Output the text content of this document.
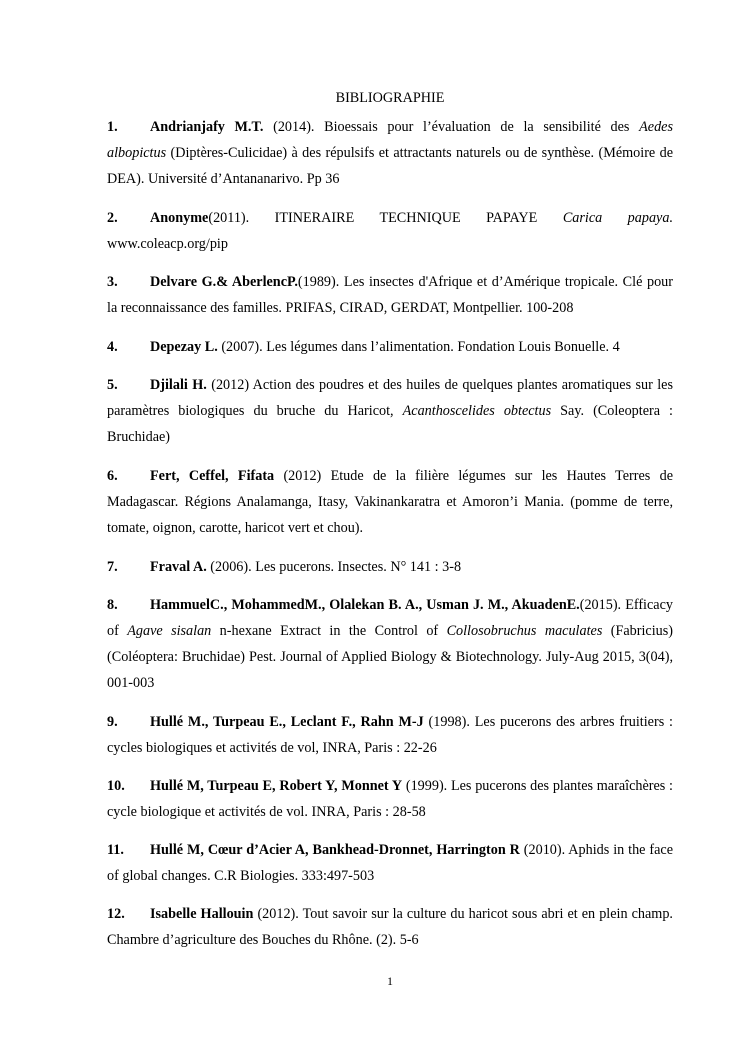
BIBLIOGRAPHIE

1. Andrianjafy M.T. (2014). Bioessais pour l’évaluation de la sensibilité des Aedes albopictus (Diptères-Culicidae) à des répulsifs et attractants naturels ou de synthèse. (Mémoire de DEA). Université d’Antananarivo. Pp 36

2. Anonyme(2011). ITINERAIRE TECHNIQUE PAPAYE Carica papaya.

www.coleacp.org/pip

3. Delvare G.& AberlencP.(1989). Les insectes d'Afrique et d’Amérique tropicale. Clé pour la reconnaissance des familles. PRIFAS, CIRAD, GERDAT, Montpellier. 100-208

4. Depezay L. (2007). Les légumes dans l’alimentation. Fondation Louis Bonuelle. 4

5. Djilali H. (2012) Action des poudres et des huiles de quelques plantes aromatiques sur les paramètres biologiques du bruche du Haricot, Acanthoscelides obtectus Say. (Coleoptera : Bruchidae)

6. Fert, Ceffel, Fifata (2012) Etude de la filière légumes sur les Hautes Terres de Madagascar. Régions Analamanga, Itasy, Vakinankaratra et Amoron’i Mania. (pomme de terre, tomate, oignon, carotte, haricot vert et chou).

7. Fraval A. (2006). Les pucerons. Insectes. N° 141 : 3-8

8. HammuelC., MohammedM., Olalekan B. A., Usman J. M., AkuadenE.(2015). Efficacy of Agave sisalan n-hexane Extract in the Control of Collosobruchus maculates (Fabricius) (Coléoptera: Bruchidae) Pest. Journal of Applied Biology & Biotechnology. July-Aug 2015, 3(04), 001-003

9. Hullé M., Turpeau E., Leclant F., Rahn M-J (1998). Les pucerons des arbres fruitiers : cycles biologiques et activités de vol, INRA, Paris : 22-26

10. Hullé M, Turpeau E, Robert Y, Monnet Y (1999). Les pucerons des plantes maraîchères : cycle biologique et activités de vol. INRA, Paris : 28-58

11. Hullé M, Cœur d’Acier A, Bankhead-Dronnet, Harrington R (2010). Aphids in the face of global changes. C.R Biologies. 333:497-503

12. Isabelle Hallouin (2012). Tout savoir sur la culture du haricot sous abri et en plein champ. Chambre d’agriculture des Bouches du Rhône. (2). 5-6

1
